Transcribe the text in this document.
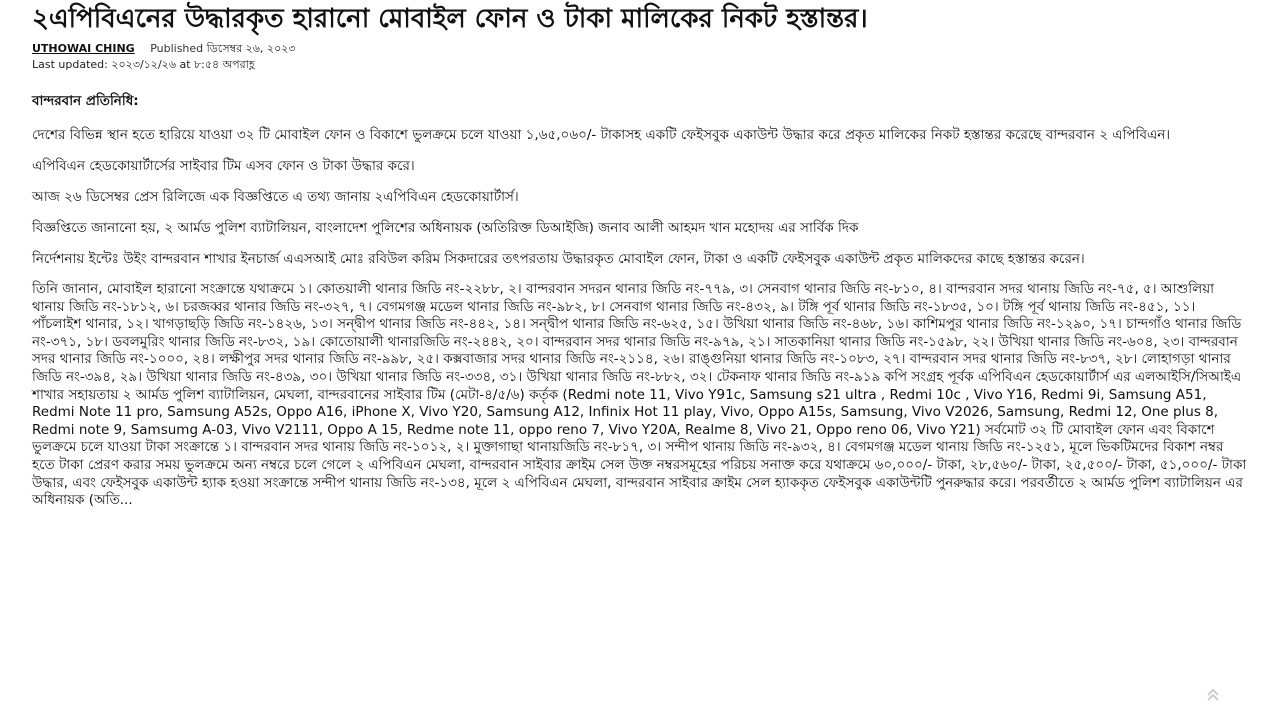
২এপিবিএনের উদ্ধারকৃত হারানো মোবাইল ফোন ও টাকা মালিকের নিকট হস্তান্তর।
UTHOWAI CHING Published ডিসেম্বর ২৬, ২০২৩
Last updated: ২০২৩/১২/২৬ at ৮:৫৪ অপরাহ্ণ

বান্দরবান প্রতিনিধি:

দেশের বিভিন্ন স্থান হতে হারিয়ে যাওয়া ৩২ টি মোবাইল ফোন ও বিকাশে ভুলক্রমে চলে যাওয়া ১,৬৫,০৬০/- টাকাসহ একটি ফেইসবুক একাউন্ট উদ্ধার করে প্রকৃত মালিকের নিকট হস্তান্তর করেছে বান্দরবান ২ এপিবিএন।

এপিবিএন হেডকোয়ার্টার্সের সাইবার টিম এসব ফোন ও টাকা উদ্ধার করে।

আজ ২৬ ডিসেম্বর প্রেস রিলিজে এক বিজ্ঞপ্তিতে এ তথ্য জানায় ২এপিবিএন হেডকোয়ার্টার্স।

বিজ্ঞপ্তিতে জানানো হয়, ২ আর্মড পুলিশ ব্যাটালিয়ন, বাংলাদেশ পুলিশের অধিনায়ক (অতিরিক্ত ডিআইজি) জনাব আলী আহমদ খান মহোদয় এর সার্বিক দিক

নির্দেশনায় ইন্টেঃ উইং বান্দরবান শাখার ইনচার্জ এএসআই মোঃ রবিউল করিম সিকদারের তৎপরতায় উদ্ধারকৃত মোবাইল ফোন, টাকা ও একটি ফেইসবুক একাউন্ট প্রকৃত মালিকদের কাছে হস্তান্তর করেন।

তিনি জানান, মোবাইল হারানো সংক্রান্তে যথাক্রমে ১। কোতয়ালী থানার জিডি নং-২২৮৮, ২। বান্দরবান সদরন থানার জিডি নং-৭৭৯, ৩। সেনবাগ থানার জিডি নং-৮১০, ৪। বান্দরবান সদর থানায় জিডি নং-৭৫, ৫। আশুলিয়া থানায় জিডি নং-১৮১২, ৬। চরজব্বর থানার জিডি নং-৩২৭, ৭। বেগমগঞ্জ মডেল থানার জিডি নং-৯৮২, ৮। সেনবাগ থানার জিডি নং-৪৩২, ৯। টঙ্গি পূর্ব থানার জিডি নং-১৮৩৫, ১০। টঙ্গি পূর্ব থানায় জিডি নং-৪৫১, ১১। পাঁচলাইশ থানার, ১২। খাগড়াছড়ি জিডি নং-১৪২৬, ১৩। সন্দ্বীপ থানার জিডি নং-৪৪২, ১৪। সন্দ্বীপ থানার জিডি নং-৬২৫, ১৫। উখিয়া থানার জিডি নং-৪৬৮, ১৬। কাশিমপুর থানার জিডি নং-১২৯০, ১৭। চান্দগাঁও থানার জিডি নং-৩৭১, ১৮। ডবলমুরিং থানার জিডি নং-৮৩২, ১৯। কোতোয়ালী থানারজিডি নং-২৪৪২, ২০। বান্দরবান সদর থানার জিডি নং-৯৭৯, ২১। সাতকানিয়া থানার জিডি নং-১৫৯৮, ২২। উখিয়া থানার জিডি নং-৬০৪, ২৩। বান্দরবান সদর থানার জিডি নং-১০০০, ২৪। লক্ষীপুর সদর থানার জিডি নং-৯৯৮, ২৫। কক্সবাজার সদর থানার জিডি নং-২১১৪, ২৬। রাঙ্গুনিয়া থানার জিডি নং-১০৮৩, ২৭। বান্দরবান সদর থানার জিডি নং-৮৩৭, ২৮। লোহাগড়া থানার জিডি নং-৩৯৪, ২৯। উখিয়া থানার জিডি নং-৪৩৯, ৩০। উখিয়া থানার জিডি নং-৩৩৪, ৩১। উখিয়া থানার জিডি নং-৮৮২, ৩২। টেকনাফ থানার জিডি নং-৯১৯ কপি সংগ্রহ পূর্বক এপিবিএন হেডকোয়ার্টার্স এর এলআইসি/সিআইএ শাখার সহায়তায় ২ আর্মড পুলিশ ব্যাটালিয়ন, মেঘলা, বান্দরবানের সাইবার টিম (মেটা-৪/৫/৬) কর্তৃক (Redmi note 11, Vivo Y91c, Samsung s21 ultra , Redmi 10c , Vivo Y16, Redmi 9i, Samsung A51, Redmi Note 11 pro, Samsung A52s, Oppo A16, iPhone X, Vivo Y20, Samsung A12, Infinix Hot 11 play, Vivo, Oppo A15s, Samsung, Vivo V2026, Samsung, Redmi 12, One plus 8, Redmi note 9, Samsumg A-03, Vivo V2111, Oppo A 15, Redme note 11, oppo reno 7, Vivo Y20A, Realme 8, Vivo 21, Oppo reno 06, Vivo Y21) সর্বমোট ৩২ টি মোবাইল ফোন এবং বিকাশে ভুলক্রমে চলে যাওয়া টাকা সংক্রান্তে ১। বান্দরবান সদর থানায় জিডি নং-১০১২, ২। মুক্তাগাছা থানায়জিডি নং-৮১৭, ৩। সন্দীপ থানায় জিডি নং-৯৩২, ৪। বেগমগঞ্জ মডেল থানায় জিডি নং-১২৫১, মূলে ভিকটিমদের বিকাশ নম্বর হতে টাকা প্রেরণ করার সময় ভুলক্রমে অন্য নম্বরে চলে গেলে ২ এপিবিএন মেঘলা, বান্দরবান সাইবার ক্রাইম সেল উক্ত নম্বরসমূহের পরিচয় সনাক্ত করে যথাক্রমে ৬০,০০০/- টাকা, ২৮,৫৬০/- টাকা, ২৫,৫০০/- টাকা, ৫১,০০০/- টাকা উদ্ধার, এবং ফেইসবুক একাউন্ট হ্যাক হওয়া সংক্রান্তে সন্দীপ থানায় জিডি নং-১৩৪, মূলে ২ এপিবিএন মেঘলা, বান্দরবান সাইবার ক্রাইম সেল হ্যাককৃত ফেইসবুক একাউন্টটি পুনরুদ্ধার করে। পরবর্তীতে ২ আর্মড পুলিশ ব্যাটালিয়ন এর অধিনায়ক (অতি...
